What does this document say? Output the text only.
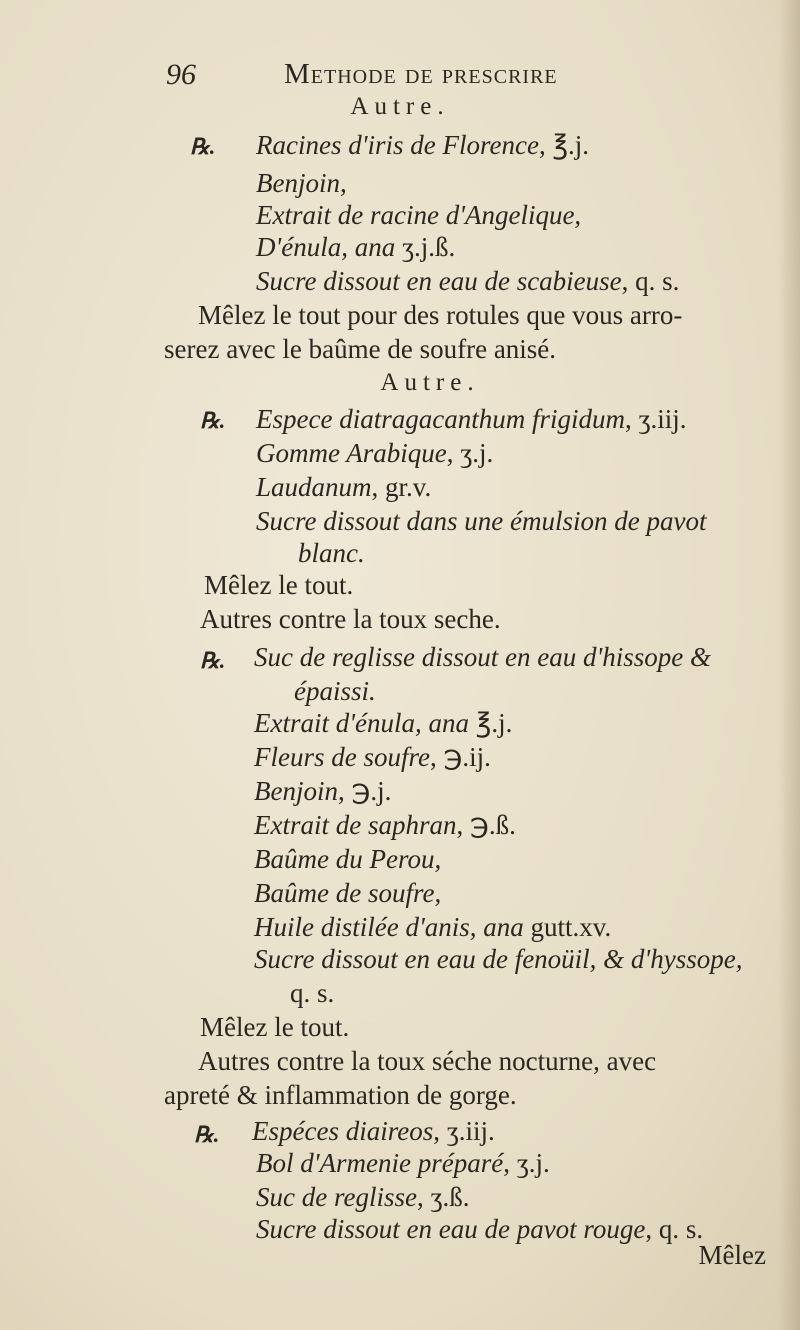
96	Methode de prescrire
Autre.
℞. Racines d'iris de Florence, ℥.j.
Benjoin,
Extrait de racine d'Angelique,
D'énula, ana ʒ.j.ß.
Sucre dissout en eau de scabieuse, q. s.
Mêlez le tout pour des rotules que vous arro-
serez avec le baûme de soufre anisé.
Autre.
℞. Espece diatragacanthum frigidum, ʒ.iij.
Gomme Arabique, ʒ.j.
Laudanum, gr.v.
Sucre dissout dans une émulsion de pavot
blanc.
Mêlez le tout.
Autres contre la toux seche.
℞. Suc de reglisse dissout en eau d'hissope &
épaissi.
Extrait d'énula, ana ℥.j.
Fleurs de soufre, ℈.ij.
Benjoin, ℈.j.
Extrait de saphran, ℈.ß.
Baûme du Perou,
Baûme de soufre,
Huile distilée d'anis, ana gutt.xv.
Sucre dissout en eau de fenoüil, & d'hyssope,
q. s.
Mêlez le tout.
Autres contre la toux séche nocturne, avec
apreté & inflammation de gorge.
℞. Espéces diaireos, ʒ.iij.
Bol d'Armenie préparé, ʒ.j.
Suc de reglisse, ʒ.ß.
Sucre dissout en eau de pavot rouge, q. s.
Mêlez
